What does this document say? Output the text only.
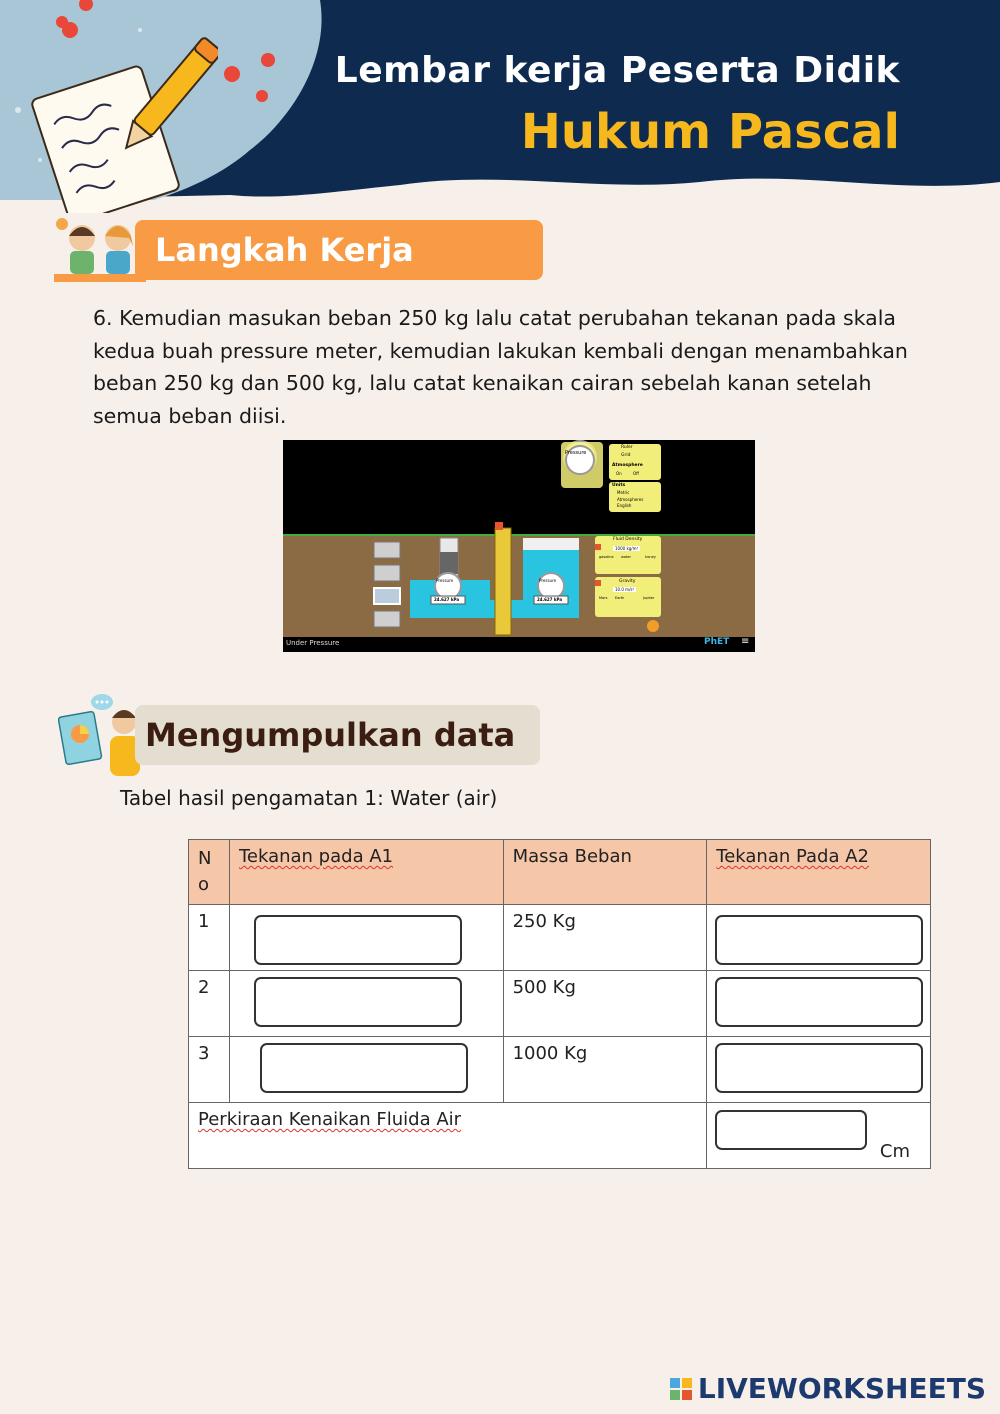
Lembar kerja Peserta Didik
Hukum Pascal
Langkah Kerja
6. Kemudian masukan beban 250 kg lalu catat perubahan tekanan pada skala kedua buah pressure meter, kemudian lakukan kembali dengan menambahkan beban 250 kg dan 500 kg, lalu catat kenaikan cairan sebelah kanan setelah semua beban diisi.
Pressure
Ruler
Grid
Atmosphere
On	Off
Units
Metric
Atmospheres
English
Fluid Density
1000 kg/m³
gasoline water	honey
Gravity
10.0 m/s²
Mars Earth	Jupiter
Pressure	Pressure
24.627 kPa	24.627 kPa
Under Pressure	PhET ≡
Mengumpulkan data
Tabel hasil pengamatan 1: Water (air)
N o	Tekanan pada A1	Massa Beban	Tekanan Pada A2
1		250 Kg	

2		500 Kg	

3		1000 Kg	

Perkiraan Kenaikan Fluida Air			Cm
LIVEWORKSHEETS
